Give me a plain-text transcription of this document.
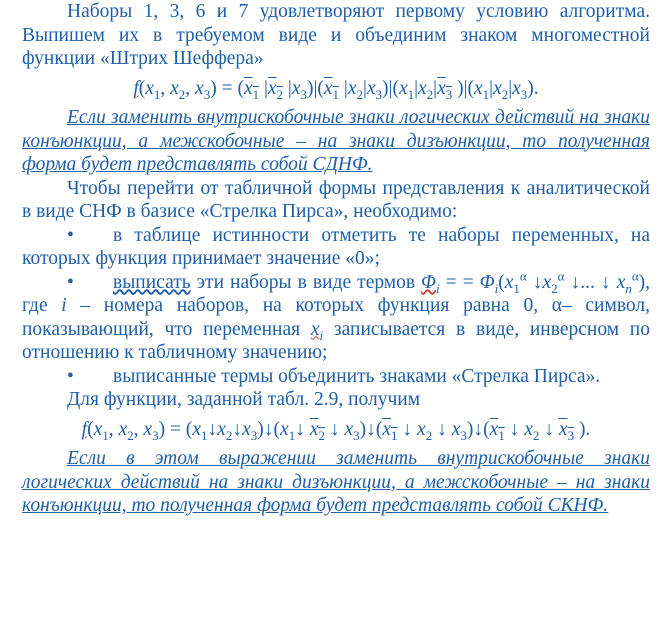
Наборы 1, 3, 6 и 7 удовлетворяют первому условию алгоритма. Выпишем их в требуемом виде и объединим знаком многоместной функции «Штрих Шеффера»

$f(x_1$, $x_2$, $x_3) = (x_1$ $|x_2$ $|x_3)|(x_1$ $|x_2|x_3)|(x_1|x_2|x_3$ )$|(x_1|x_2|x_3)$.

Если заменить внутрискобочные знаки логических действий на знаки конъюнкции, а межскобочные – на знаки дизъюнкции, то полученная форма будет представлять собой СДНФ.

Чтобы перейти от табличной формы представления к аналитической в виде СНФ в базисе «Стрелка Пирса», необходимо:

• в таблице истинности отметить те наборы переменных, на которых функция принимает значение «0»;

• выписать эти наборы в виде термов $\Phi_i$ = = $\Phi_i(x_1^\alpha$ $↓x_2^\alpha$ ↓... ↓ $x_n^\alpha$), где i – номера наборов, на которых функция равна 0, α– символ, показывающий, что переменная $x_i$ записывается в виде, инверсном по отношению к табличному значению;

• выписанные термы объединить знаками «Стрелка Пирса».

Для функции, заданной табл. 2.9, получим

$f(x_1$, $x_2$, $x_3$) = $(x_1↓x_2↓x_3)↓(x_1↓$ $x_2$ ↓ $x_3)↓(x_1$ ↓ $x_2$ ↓ $x_3)↓(x_1$ ↓ $x_2$ ↓ $x_3$ ).

Если в этом выражении заменить внутрискобочные знаки логических действий на знаки дизъюнкции, а межскобочные – на знаки конъюнкции, то полученная форма будет представлять собой СКНФ.
